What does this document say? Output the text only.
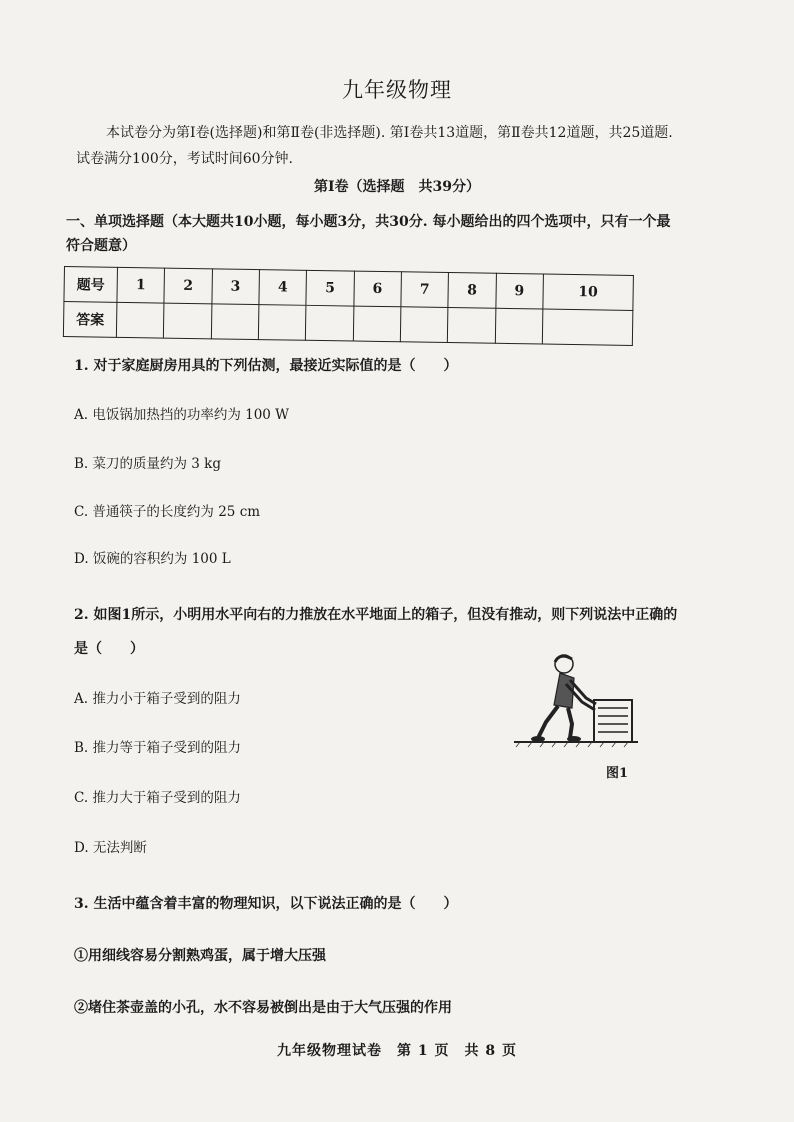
九年级物理
本试卷分为第Ⅰ卷(选择题)和第Ⅱ卷(非选择题). 第Ⅰ卷共13道题，第Ⅱ卷共12道题，共25道题. 试卷满分100分，考试时间60分钟.
第Ⅰ卷（选择题　共39分）
一、单项选择题（本大题共10小题，每小题3分，共30分. 每小题给出的四个选项中，只有一个最符合题意）
题号	1	2	3	4	5	6	7	8	9	10
答案										
1. 对于家庭厨房用具的下列估测，最接近实际值的是（　　）
A. 电饭锅加热挡的功率约为 100 W
B. 菜刀的质量约为 3 kg
C. 普通筷子的长度约为 25 cm
D. 饭碗的容积约为 100 L
2. 如图1所示，小明用水平向右的力推放在水平地面上的箱子，但没有推动，则下列说法中正确的是（　　）
A. 推力小于箱子受到的阻力
B. 推力等于箱子受到的阻力
C. 推力大于箱子受到的阻力
D. 无法判断
图1
3. 生活中蕴含着丰富的物理知识，以下说法正确的是（　　）
①用细线容易分割熟鸡蛋，属于增大压强
②堵住茶壶盖的小孔，水不容易被倒出是由于大气压强的作用
九年级物理试卷　第 1 页　共 8 页
